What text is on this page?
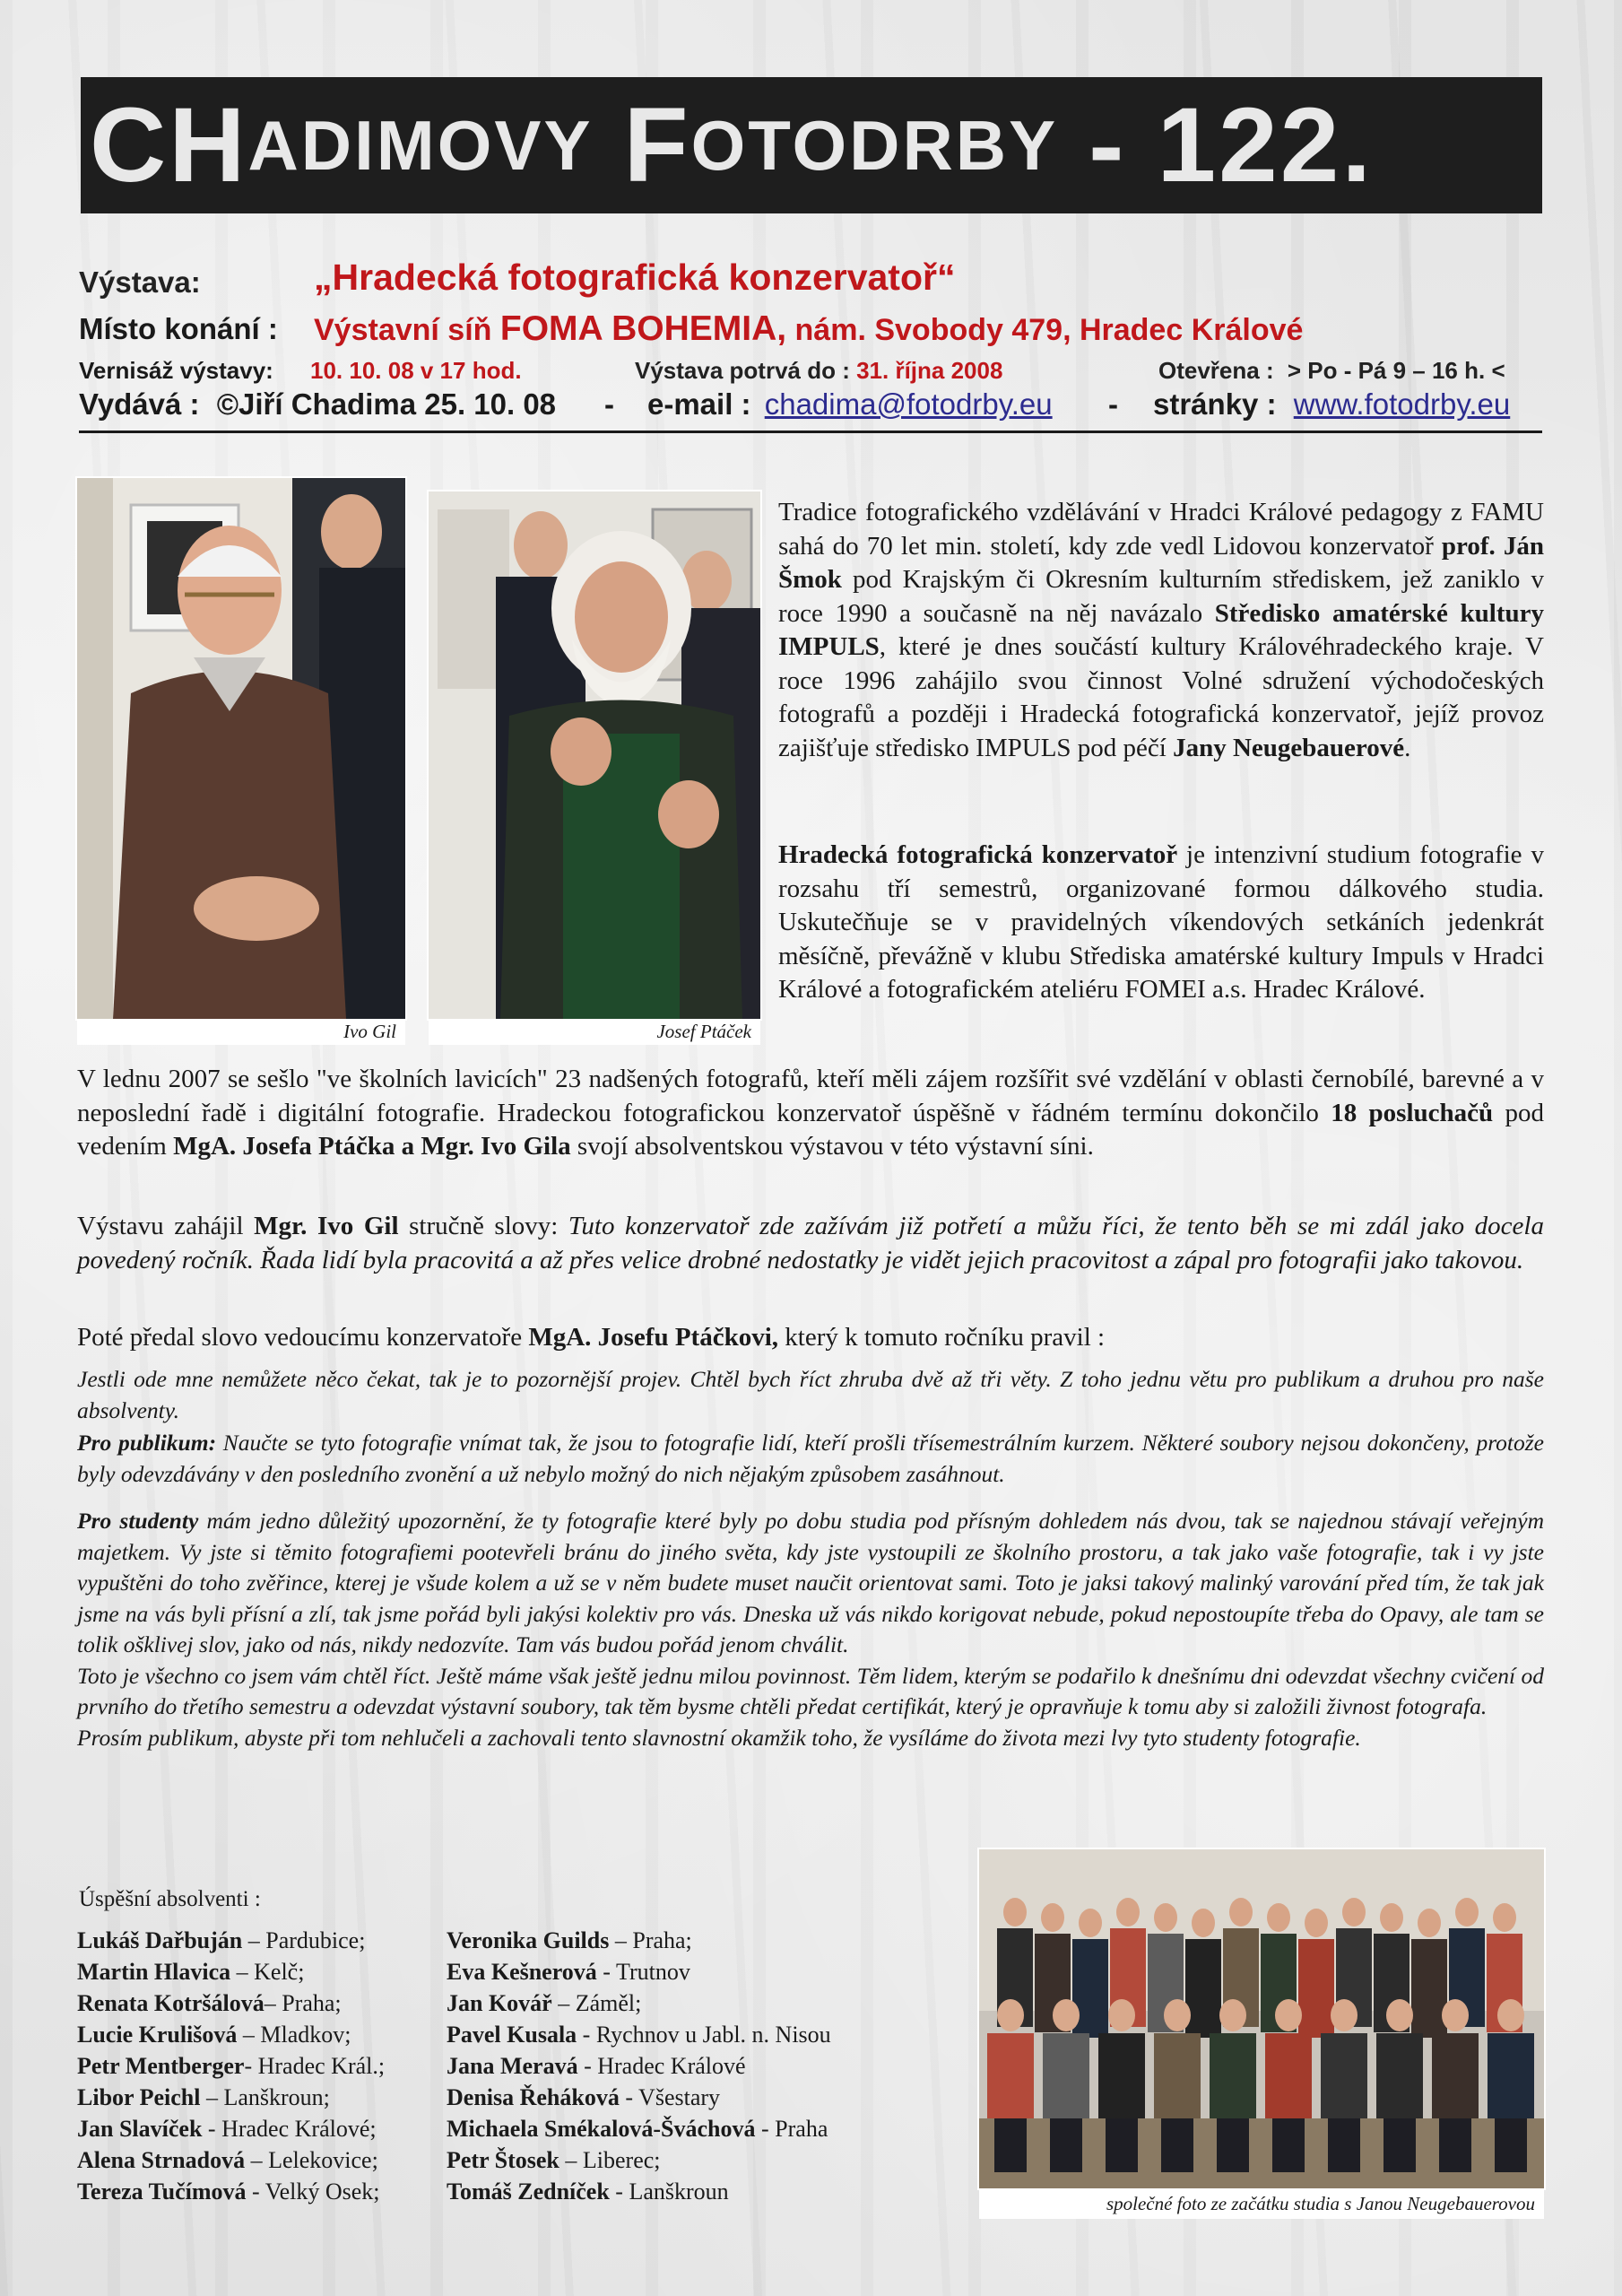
C H ADIMOVY F OTODRBY - 122.
Výstava:	„Hradecká fotografická konzervatoř“
Místo konání : Výstavní síň FOMA BOHEMIA, nám. Svobody 479, Hradec Králové
Vernisáž výstavy: 10. 10. 08 v 17 hod.	Výstava potrvá do : 31. října 2008	Otevřena : > Po - Pá 9 – 16 h. <
Vydává : ©Jiří Chadima 25. 10. 08 - e-mail : chadima@fotodrby.eu - stránky : www.fotodrby.eu
Ivo Gil	Josef Ptáček
Tradice fotografického vzdělávání v Hradci Králové pedagogy z FAMU sahá do 70 let min. století, kdy zde vedl Lidovou konzervatoř prof. Ján Šmok pod Krajským či Okresním kulturním střediskem, jež zaniklo v roce 1990 a současně na něj navázalo Středisko amatérské kultury IMPULS, které je dnes součástí kultury Královéhradeckého kraje. V roce 1996 zahájilo svou činnost Volné sdružení východočeských fotografů a později i Hradecká fotografická konzervatoř, jejíž provoz zajišťuje středisko IMPULS pod péčí Jany Neugebauerové.
Hradecká fotografická konzervatoř je intenzivní studium fotografie v rozsahu tří semestrů, organizované formou dálkového studia. Uskutečňuje se v pravidelných víkendových setkáních jedenkrát měsíčně, převážně v klubu Střediska amatérské kultury Impuls v Hradci Králové a fotografickém ateliéru FOMEI a.s. Hradec Králové.
V lednu 2007 se sešlo "ve školních lavicích" 23 nadšených fotografů, kteří měli zájem rozšířit své vzdělání v oblasti černobílé, barevné a v neposlední řadě i digitální fotografie. Hradeckou fotografickou konzervatoř úspěšně v řádném termínu dokončilo 18 posluchačů pod vedením MgA. Josefa Ptáčka a Mgr. Ivo Gila svojí absolventskou výstavou v této výstavní síni.
Výstavu zahájil Mgr. Ivo Gil stručně slovy: Tuto konzervatoř zde zažívám již potřetí a můžu říci, že tento běh se mi zdál jako docela povedený ročník. Řada lidí byla pracovitá a až přes velice drobné nedostatky je vidět jejich pracovitost a zápal pro fotografii jako takovou.
Poté předal slovo vedoucímu konzervatoře MgA. Josefu Ptáčkovi, který k tomuto ročníku pravil :
Jestli ode mne nemůžete něco čekat, tak je to pozornější projev. Chtěl bych říct zhruba dvě až tři věty. Z toho jednu větu pro publikum a druhou pro naše absolventy.
Pro publikum: Naučte se tyto fotografie vnímat tak, že jsou to fotografie lidí, kteří prošli třísemestrálním kurzem. Některé soubory nejsou dokončeny, protože byly odevzdávány v den posledního zvonění a už nebylo možný do nich nějakým způsobem zasáhnout.
Pro studenty mám jedno důležitý upozornění, že ty fotografie které byly po dobu studia pod přísným dohledem nás dvou, tak se najednou stávají veřejným majetkem. Vy jste si těmito fotografiemi pootevřeli bránu do jiného světa, kdy jste vystoupili ze školního prostoru, a tak jako vaše fotografie, tak i vy jste vypuštěni do toho zvěřince, kterej je všude kolem a už se v něm budete muset naučit orientovat sami. Toto je jaksi takový malinký varování před tím, že tak jak jsme na vás byli přísní a zlí, tak jsme pořád byli jakýsi kolektiv pro vás. Dneska už vás nikdo korigovat nebude, pokud nepostoupíte třeba do Opavy, ale tam se tolik ošklivej slov, jako od nás, nikdy nedozvíte. Tam vás budou pořád jenom chválit.
Toto je všechno co jsem vám chtěl říct. Ještě máme však ještě jednu milou povinnost. Těm lidem, kterým se podařilo k dnešnímu dni odevzdat všechny cvičení od prvního do třetího semestru a odevzdat výstavní soubory, tak těm bysme chtěli předat certifikát, který je opravňuje k tomu aby si založili živnost fotografa.
Prosím publikum, abyste při tom nehlučeli a zachovali tento slavnostní okamžik toho, že vysíláme do života mezi lvy tyto studenty fotografie.
Úspěšní absolventi :
Lukáš Dařbuján – Pardubice;
Martin Hlavica – Kelč;
Renata Kotršálová– Praha;
Lucie Krulišová – Mladkov;
Petr Mentberger- Hradec Král.;
Libor Peichl – Lanškroun;
Jan Slavíček - Hradec Králové;
Alena Strnadová – Lelekovice;
Tereza Tučímová - Velký Osek;
Veronika Guilds – Praha;
Eva Kešnerová - Trutnov
Jan Kovář – Záměl;
Pavel Kusala - Rychnov u Jabl. n. Nisou
Jana Meravá - Hradec Králové
Denisa Řeháková - Všestary
Michaela Smékalová-Šváchová - Praha
Petr Štosek – Liberec;
Tomáš Zedníček - Lanškroun	společné foto ze začátku studia s Janou Neugebauerovou
